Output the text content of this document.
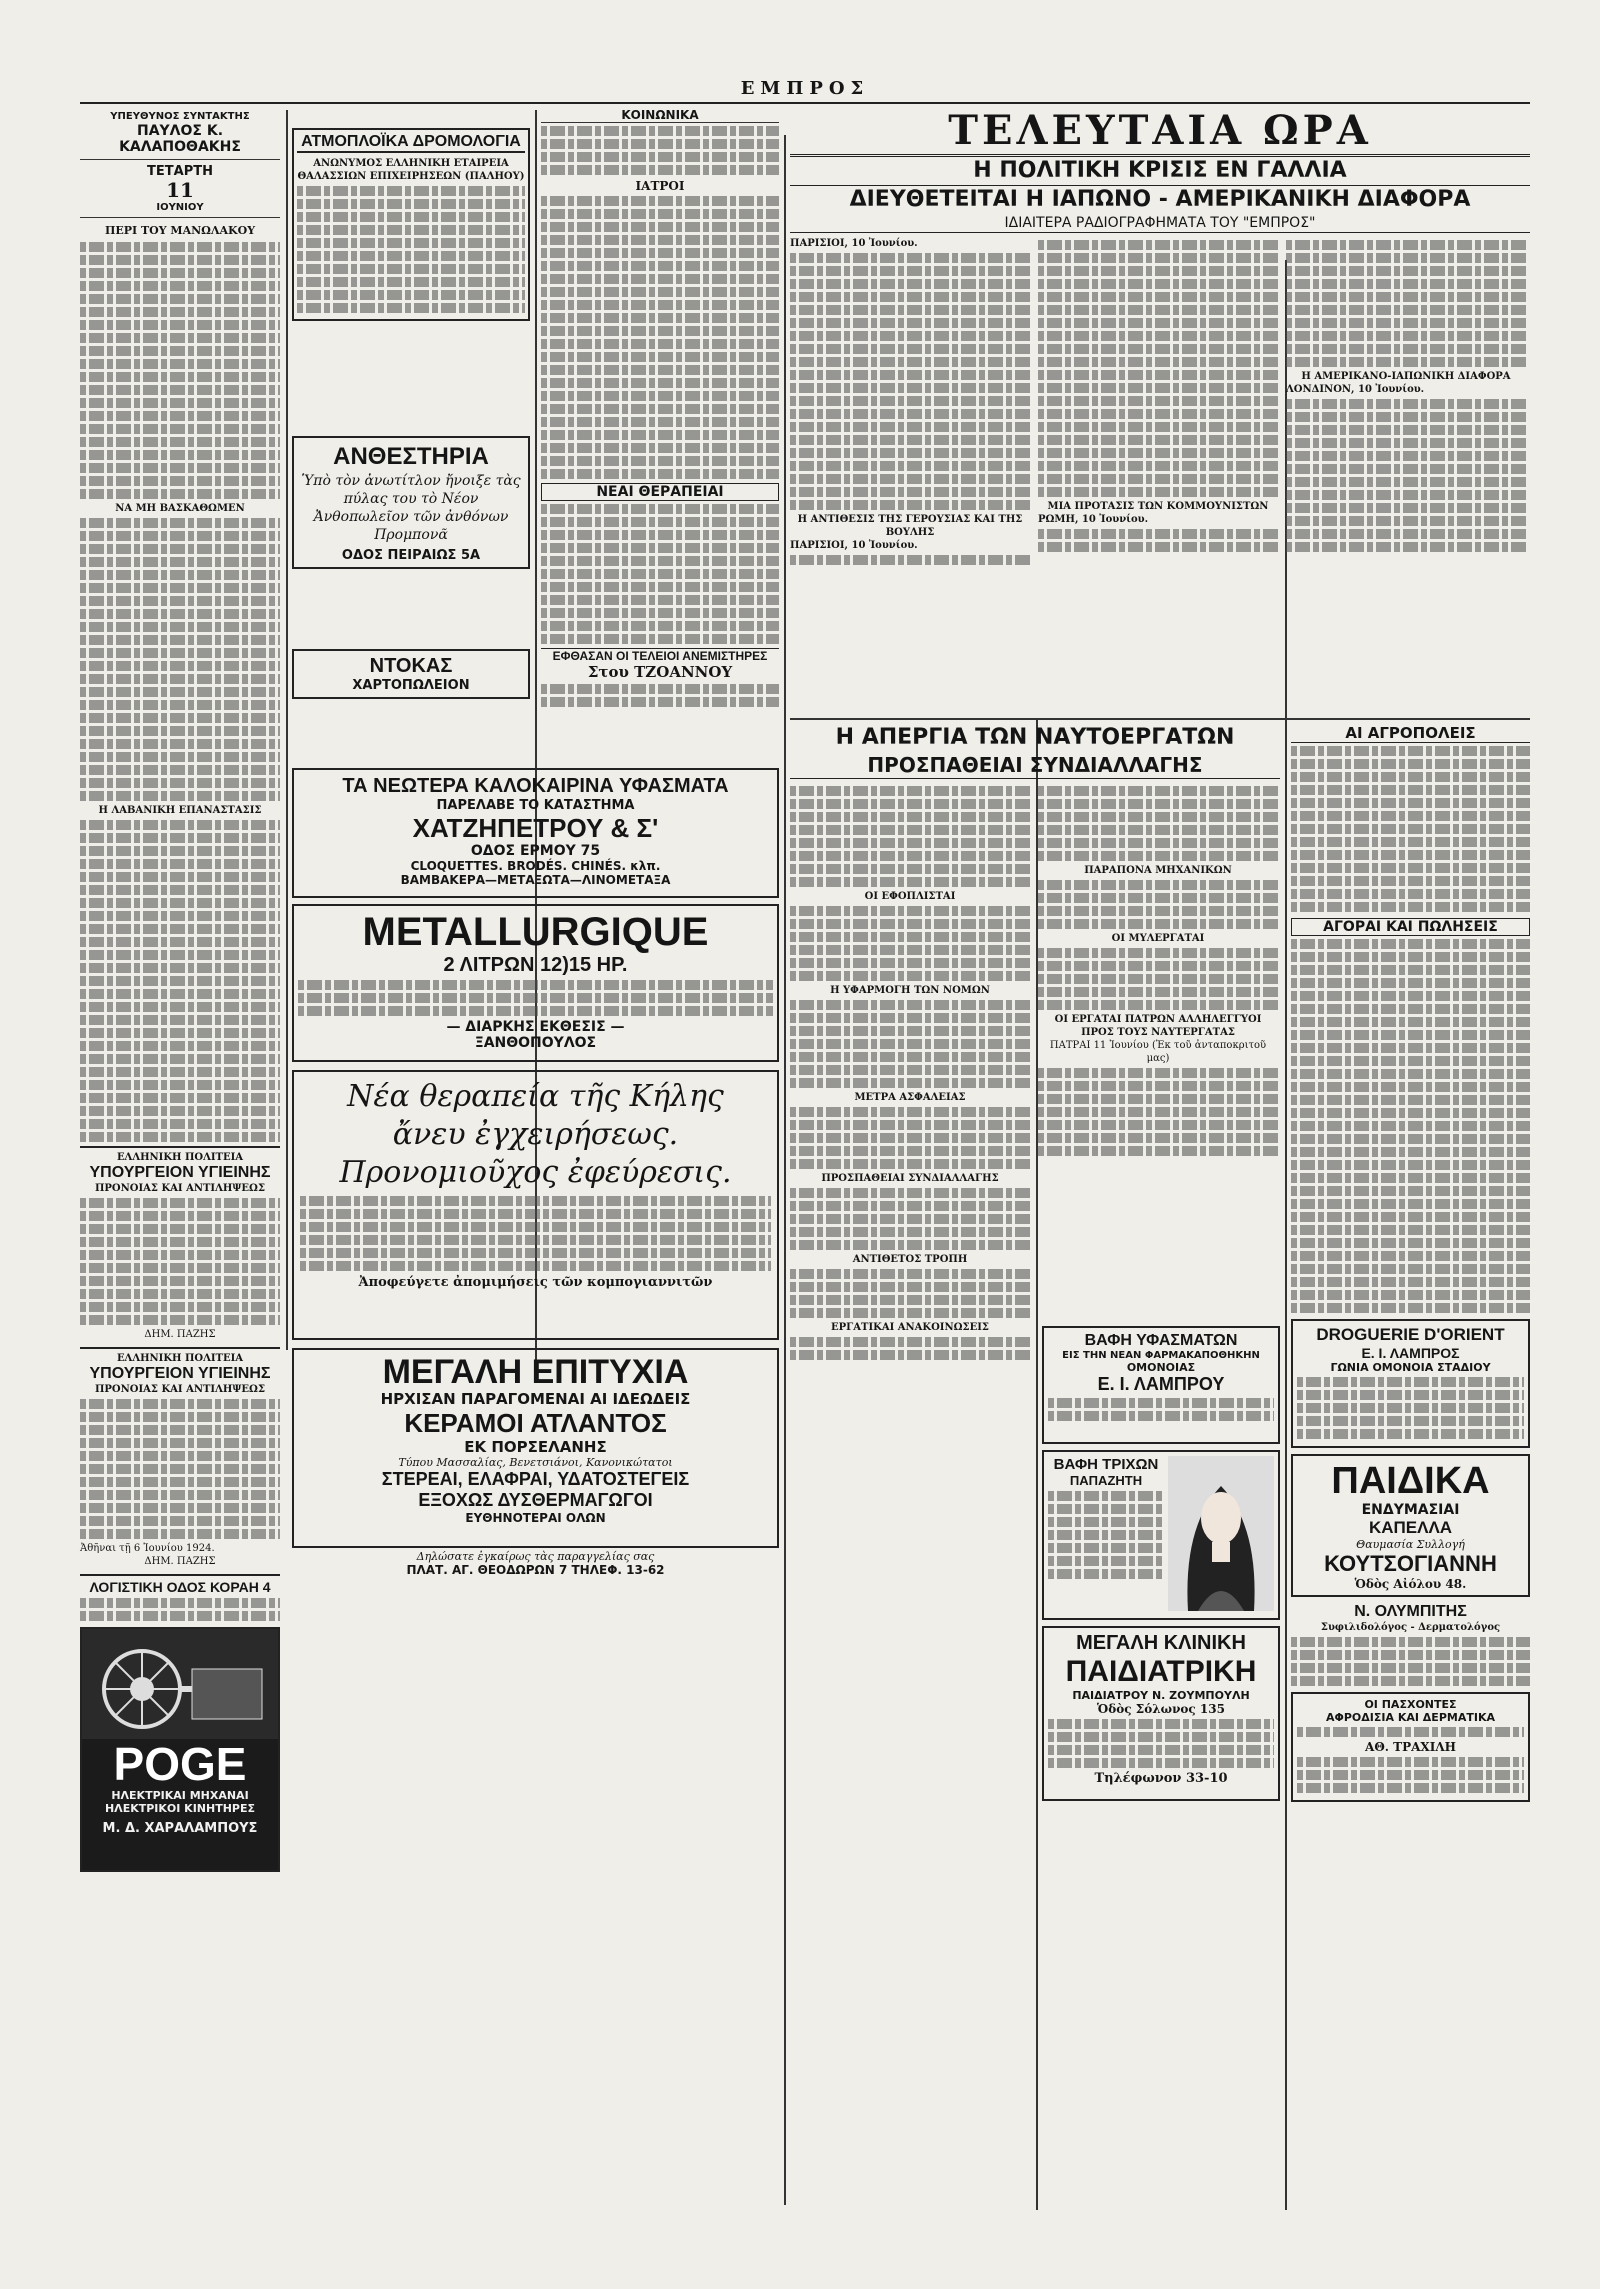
ΕΜΠΡΟΣ
ΥΠΕΥΘΥΝΟΣ ΣΥΝΤΑΚΤΗΣ
ΠΑΥΛΟΣ Κ. ΚΑΛΑΠΟΘΑΚΗΣ
ΤΕΤΑΡΤΗ
11
ΙΟΥΝΙΟΥ
ΠΕΡΙ ΤΟΥ ΜΑΝΩΛΑΚΟΥ
ΝΑ ΜΗ ΒΑΣΚΑΘΩΜΕΝ
Η ΛΑΒΑΝΙΚΗ ΕΠΑΝΑΣΤΑΣΙΣ
ΕΛΛΗΝΙΚΗ ΠΟΛΙΤΕΙΑ
ΥΠΟΥΡΓΕΙΟΝ ΥΓΙΕΙΝΗΣ
ΠΡΟΝΟΙΑΣ ΚΑΙ ΑΝΤΙΛΗΨΕΩΣ
ΔΗΜ. ΠΑΖΗΣ
ΕΛΛΗΝΙΚΗ ΠΟΛΙΤΕΙΑ
ΥΠΟΥΡΓΕΙΟΝ ΥΓΙΕΙΝΗΣ
ΠΡΟΝΟΙΑΣ ΚΑΙ ΑΝΤΙΛΗΨΕΩΣ
Ἀθῆναι τῇ 6 Ἰουνίου 1924.
ΔΗΜ. ΠΑΖΗΣ
ΛΟΓΙΣΤΙΚΗ ΟΔΟΣ ΚΟΡΑΗ 4
POGE
ΗΛΕΚΤΡΙΚΑΙ ΜΗΧΑΝΑΙ
ΗΛΕΚΤΡΙΚΟΙ ΚΙΝΗΤΗΡΕΣ
Μ. Δ. ΧΑΡΑΛΑΜΠΟΥΣ
ΑΤΜΟΠΛΟΪΚΑ ΔΡΟΜΟΛΟΓΙΑ
ΑΝΩΝΥΜΟΣ ΕΛΛΗΝΙΚΗ ΕΤΑΙΡΕΙΑ
ΘΑΛΑΣΣΙΩΝ ΕΠΙΧΕΙΡΗΣΕΩΝ (ΠΑΛΗΟΥ)
ΑΝΘΕΣΤΗΡΙΑ
Ὑπὸ τὸν ἀνωτίτλον ἤνοιξε τὰς πύλας του τὸ Νέον Ἀνθοπωλεῖον τῶν ἀνθόνων Προμπονᾶ
ΟΔΟΣ ΠΕΙΡΑΙΩΣ 5Α
ΝΤΟΚΑΣ
ΧΑΡΤΟΠΩΛΕΙΟΝ
ΚΟΙΝΩΝΙΚΑ
ΙΑΤΡΟΙ
ΝΕΑΙ ΘΕΡΑΠΕΙΑΙ
ΕΦΘΑΣΑΝ ΟΙ ΤΕΛΕΙΟΙ ΑΝΕΜΙΣΤΗΡΕΣ
Στου ΤΖΟΑΝΝΟΥ
ΤΑ ΝΕΩΤΕΡΑ ΚΑΛΟΚΑΙΡΙΝΑ ΥΦΑΣΜΑΤΑ
ΠΑΡΕΛΑΒΕ ΤΟ ΚΑΤΑΣΤΗΜΑ
ΧΑΤΖΗΠΕΤΡΟΥ & Σ'
ΟΔΟΣ ΕΡΜΟΥ 75
CLOQUETTES. BRODÉS. CHINÉS. κλπ.
ΒΑΜΒΑΚΕΡΑ—ΜΕΤΑΞΩΤΑ—ΛΙΝΟΜΕΤΑΞΑ
METALLURGIQUE
2 ΛΙΤΡΩΝ 12)15 HP.
— ΔΙΑΡΚΗΣ ΕΚΘΕΣΙΣ —
ΞΑΝΘΟΠΟΥΛΟΣ
Νέα θεραπεία τῆς Κήλης
ἄνευ ἐγχειρήσεως.
Προνομιοῦχος ἐφεύρεσις.
Ἀποφεύγετε ἀπομιμήσεις τῶν κομπογιαννιτῶν
ΜΕΓΑΛΗ ΕΠΙΤΥΧΙΑ
ΗΡΧΙΣΑΝ ΠΑΡΑΓΟΜΕΝΑΙ ΑΙ ΙΔΕΩΔΕΙΣ
ΚΕΡΑΜΟΙ ΑΤΛΑΝΤΟΣ
ΕΚ ΠΟΡΣΕΛΑΝΗΣ
Τύπου Μασσαλίας, Βενετσιάνοι, Κανονικώτατοι
ΣΤΕΡΕΑΙ, ΕΛΑΦΡΑΙ, ΥΔΑΤΟΣΤΕΓΕΙΣ
ΕΞΟΧΩΣ ΔΥΣΘΕΡΜΑΓΩΓΟΙ
ΕΥΘΗΝΟΤΕΡΑΙ ΟΛΩΝ
Δηλώσατε ἐγκαίρως τὰς παραγγελίας σας
ΠΛΑΤ. ΑΓ. ΘΕΟΔΩΡΩΝ 7 ΤΗΛΕΦ. 13-62
ΤΕΛΕΥΤΑΙΑ ΩΡΑ
Η ΠΟΛΙΤΙΚΗ ΚΡΙΣΙΣ ΕΝ ΓΑΛΛΙΑ
ΔΙΕΥΘΕΤΕΙΤΑΙ Η ΙΑΠΩΝΟ - ΑΜΕΡΙΚΑΝΙΚΗ ΔΙΑΦΟΡΑ
ΙΔΙΑΙΤΕΡΑ ΡΑΔΙΟΓΡΑΦΗΜΑΤΑ ΤΟΥ "ΕΜΠΡΟΣ"
ΠΑΡΙΣΙΟΙ, 10 Ἰουνίου.
Η ΑΝΤΙΘΕΣΙΣ ΤΗΣ ΓΕΡΟΥΣΙΑΣ ΚΑΙ ΤΗΣ ΒΟΥΛΗΣ
ΠΑΡΙΣΙΟΙ, 10 Ἰουνίου.
ΜΙΑ ΠΡΟΤΑΣΙΣ ΤΩΝ ΚΟΜΜΟΥΝΙΣΤΩΝ
ΡΩΜΗ, 10 Ἰουνίου.
Η ΑΜΕΡΙΚΑΝΟ-ΙΑΠΩΝΙΚΗ ΔΙΑΦΟΡΑ
ΛΟΝΔΙΝΟΝ, 10 Ἰουνίου.
Η ΑΠΕΡΓΙΑ ΤΩΝ ΝΑΥΤΟΕΡΓΑΤΩΝ
ΠΡΟΣΠΑΘΕΙΑΙ ΣΥΝΔΙΑΛΛΑΓΗΣ
ΟΙ ΕΦΟΠΛΙΣΤΑΙ
Η ΥΦΑΡΜΟΓΗ ΤΩΝ ΝΟΜΩΝ
ΜΕΤΡΑ ΑΣΦΑΛΕΙΑΣ
ΠΡΟΣΠΑΘΕΙΑΙ ΣΥΝΔΙΑΛΛΑΓΗΣ
ΑΝΤΙΘΕΤΟΣ ΤΡΟΠΗ
ΕΡΓΑΤΙΚΑΙ ΑΝΑΚΟΙΝΩΣΕΙΣ
ΠΑΡΑΠΟΝΑ ΜΗΧΑΝΙΚΩΝ
ΟΙ ΜΥΛΕΡΓΑΤΑΙ
ΟΙ ΕΡΓΑΤΑΙ ΠΑΤΡΩΝ ΑΛΛΗΛΕΓΓΥΟΙ ΠΡΟΣ ΤΟΥΣ ΝΑΥΤΕΡΓΑΤΑΣ
ΠΑΤΡΑΙ 11 Ἰουνίου (Ἐκ τοῦ ἀνταποκριτοῦ μας)
ΒΑΦΗ ΥΦΑΣΜΑΤΩΝ
ΕΙΣ ΤΗΝ ΝΕΑΝ ΦΑΡΜΑΚΑΠΟΘΗΚΗΝ
ΟΜΟΝΟΙΑΣ
Ε. Ι. ΛΑΜΠΡΟΥ
ΒΑΦΗ ΤΡΙΧΩΝ
ΠΑΠΑΖΗΤΗ
ΜΕΓΑΛΗ ΚΛΙΝΙΚΗ
ΠΑΙΔΙΑΤΡΙΚΗ
ΠΑΙΔΙΑΤΡΟΥ Ν. ΖΟΥΜΠΟΥΛΗ
Ὁδὸς Σόλωνος 135
Τηλέφωνον 33-10
ΑΙ ΑΓΡΟΠΟΛΕΙΣ
ΑΓΟΡΑΙ ΚΑΙ ΠΩΛΗΣΕΙΣ
DROGUERIE D'ORIENT
Ε. Ι. ΛΑΜΠΡΟΣ
ΓΩΝΙΑ ΟΜΟΝΟΙΑ ΣΤΑΔΙΟΥ
ΠΑΙΔΙΚΑ
ΕΝΔΥΜΑΣΙΑΙ
ΚΑΠΕΛΛΑ
Θαυμασία Συλλογή
ΚΟΥΤΣΟΓΙΑΝΝΗ
Ὁδὸς Αἰόλου 48.
Ν. ΟΛΥΜΠΙΤΗΣ
Συφιλιδολόγος - Δερματολόγος
ΟΙ ΠΑΣΧΟΝΤΕΣ
ΑΦΡΟΔΙΣΙΑ ΚΑΙ ΔΕΡΜΑΤΙΚΑ
ΑΘ. ΤΡΑΧΙΛΗ
